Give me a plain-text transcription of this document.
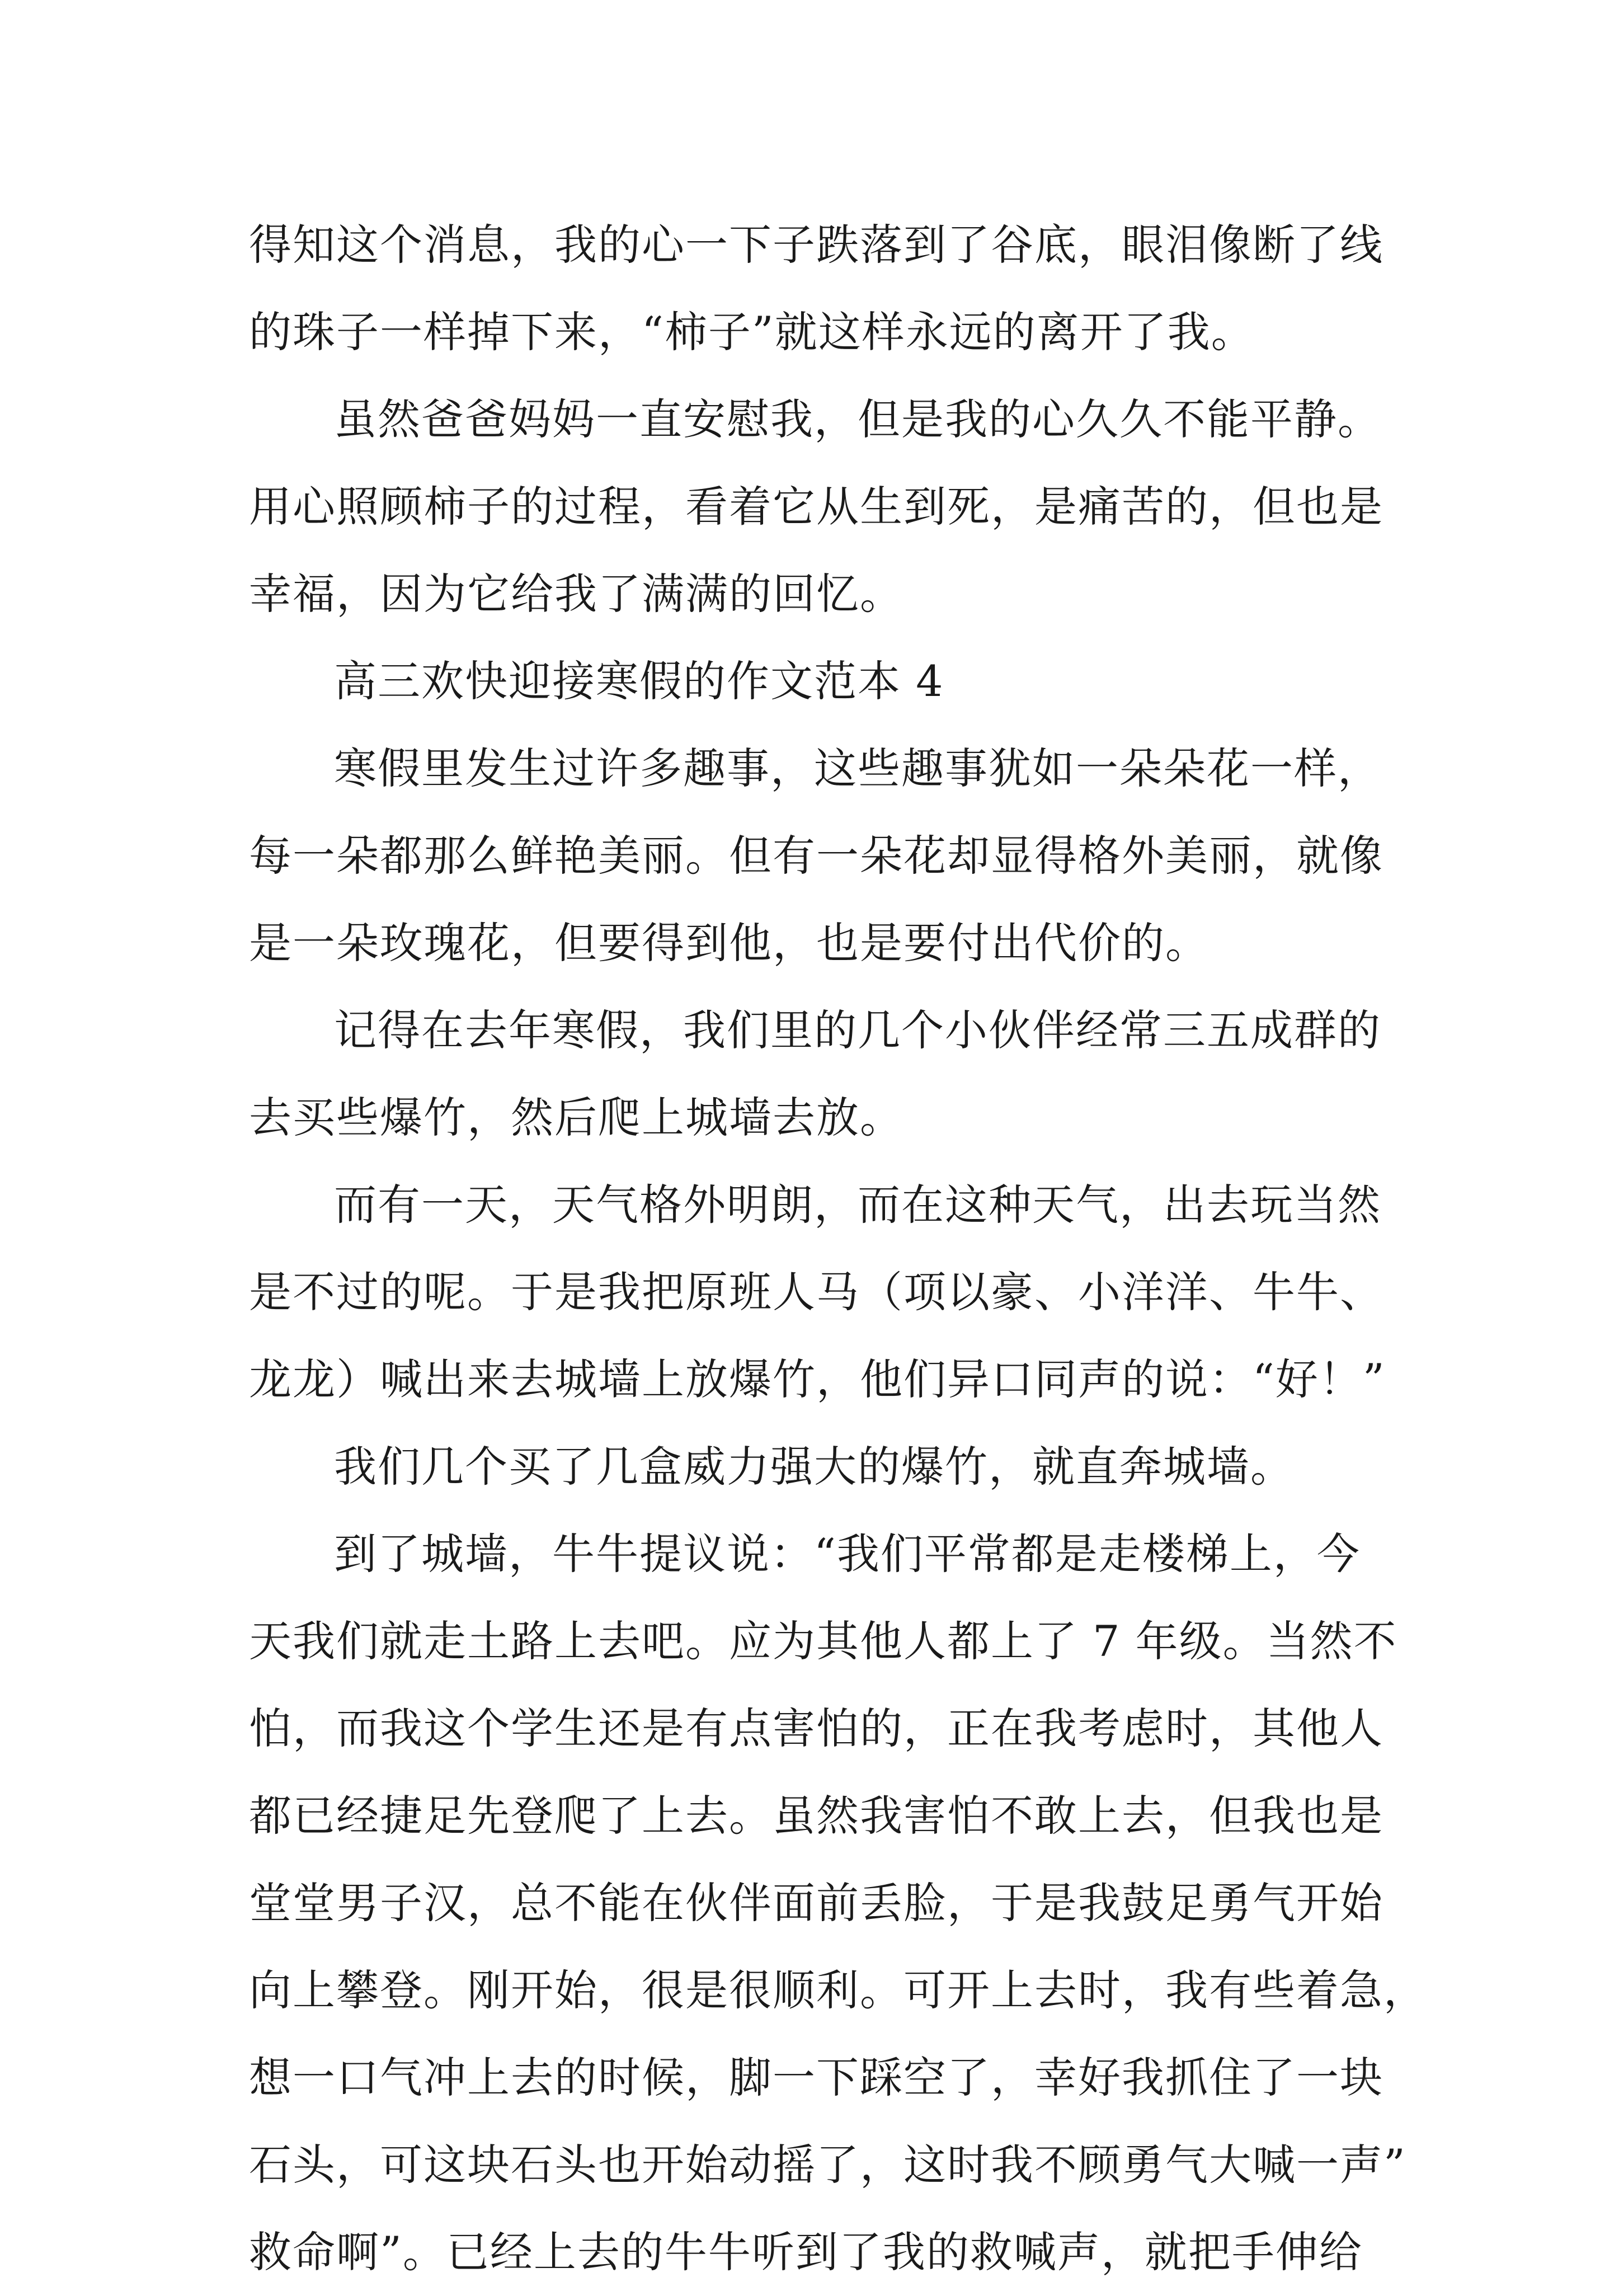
得知这个消息，我的心一下子跌落到了谷底，眼泪像断了线
的珠子一样掉下来，“柿子”就这样永远的离开了我。
虽然爸爸妈妈一直安慰我，但是我的心久久不能平静。
用心照顾柿子的过程，看着它从生到死，是痛苦的，但也是
幸福，因为它给我了满满的回忆。
高三欢快迎接寒假的作文范本 4
寒假里发生过许多趣事，这些趣事犹如一朵朵花一样，
每一朵都那么鲜艳美丽。但有一朵花却显得格外美丽，就像
是一朵玫瑰花，但要得到他，也是要付出代价的。
记得在去年寒假，我们里的几个小伙伴经常三五成群的
去买些爆竹，然后爬上城墙去放。
而有一天，天气格外明朗，而在这种天气，出去玩当然
是不过的呢。于是我把原班人马（项以豪、小洋洋、牛牛、
龙龙）喊出来去城墙上放爆竹，他们异口同声的说：“好！”
我们几个买了几盒威力强大的爆竹，就直奔城墙。
到了城墙，牛牛提议说：“我们平常都是走楼梯上，今
天我们就走土路上去吧。应为其他人都上了 7 年级。当然不
怕，而我这个学生还是有点害怕的，正在我考虑时，其他人
都已经捷足先登爬了上去。虽然我害怕不敢上去，但我也是
堂堂男子汉，总不能在伙伴面前丢脸，于是我鼓足勇气开始
向上攀登。刚开始，很是很顺利。可开上去时，我有些着急，
想一口气冲上去的时候，脚一下踩空了，幸好我抓住了一块
石头，可这块石头也开始动摇了，这时我不顾勇气大喊一声”
救命啊”。已经上去的牛牛听到了我的救喊声，就把手伸给
